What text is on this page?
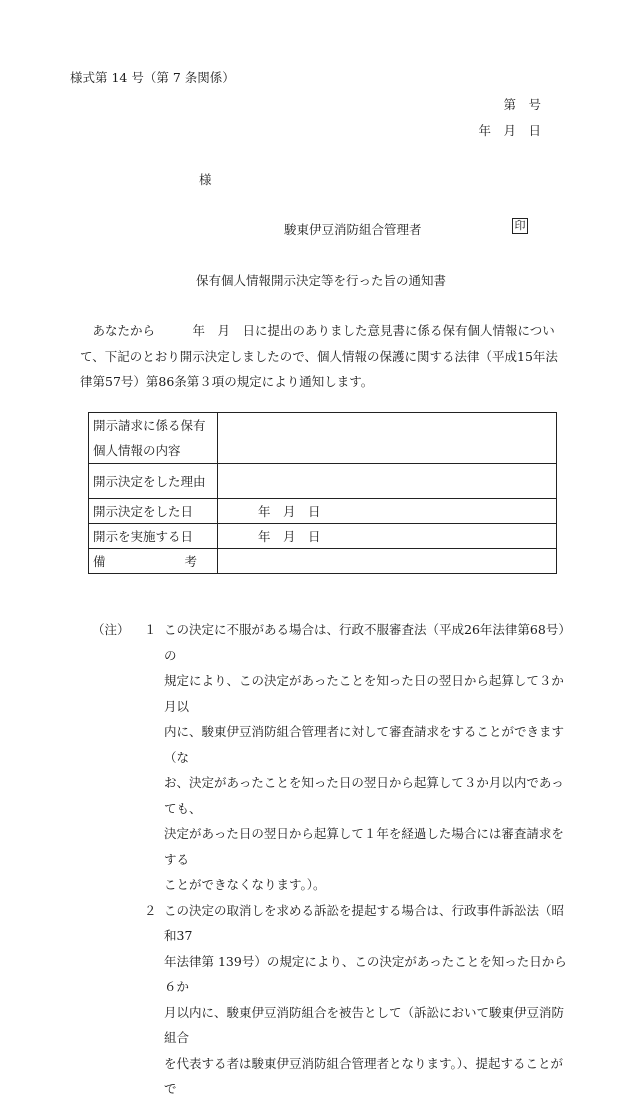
様式第 14 号（第 7 条関係）
第　号
年　月　日
様
駿東伊豆消防組合管理者	印
保有個人情報開示決定等を行った旨の通知書

　あなたから　　　年　月　日に提出のありました意見書に係る保有個人情報につい
て、下記のとおり開示決定しましたので、個人情報の保護に関する法律（平成15年法
律第57号）第86条第３項の規定により通知します。

開示請求に係る保有
個人情報の内容	
開示決定をした理由	
開示決定をした日	年　月　日
開示を実施する日	年　月　日

備 考	

（注）	１ この決定に不服がある場合は、行政不服審査法（平成26年法律第68号）の
規定により、この決定があったことを知った日の翌日から起算して３か月以
内に、駿東伊豆消防組合管理者に対して審査請求をすることができます（な
お、決定があったことを知った日の翌日から起算して３か月以内であっても、
決定があった日の翌日から起算して１年を経過した場合には審査請求をする
ことができなくなります。）。
２ この決定の取消しを求める訴訟を提起する場合は、行政事件訴訟法（昭和37
年法律第 139号）の規定により、この決定があったことを知った日から６か
月以内に、駿東伊豆消防組合を被告として（訴訟において駿東伊豆消防組合
を代表する者は駿東伊豆消防組合管理者となります。）、提起することがで
